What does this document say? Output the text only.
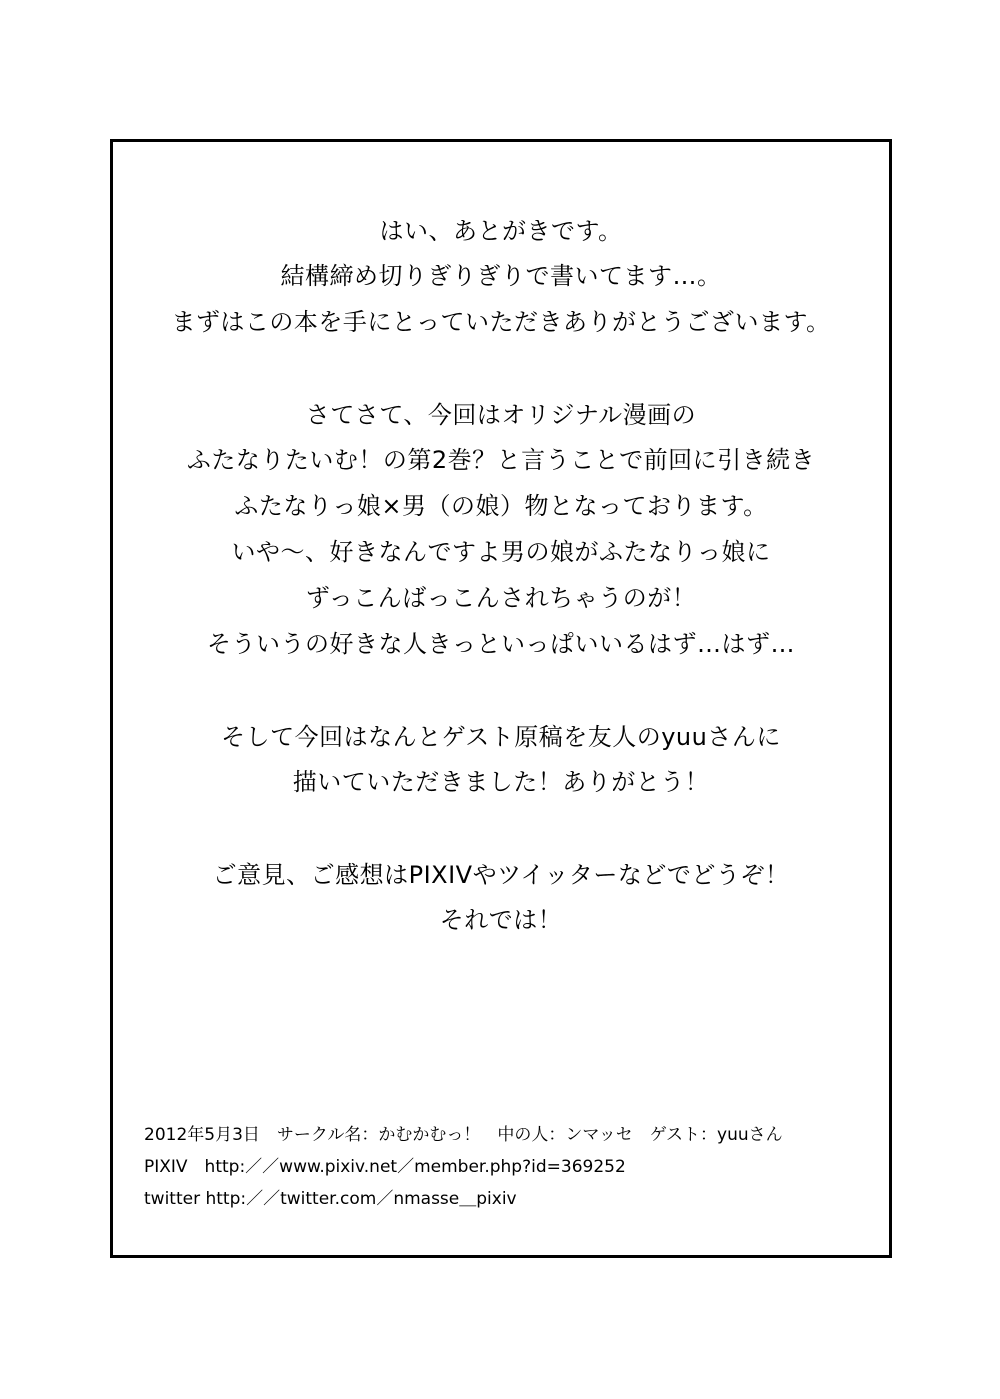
はい、あとがきです。
結構締め切りぎりぎりで書いてます…。
まずはこの本を手にとっていただきありがとうございます。
さてさて、今回はオリジナル漫画の
ふたなりたいむ！の第2巻？と言うことで前回に引き続き
ふたなりっ娘×男（の娘）物となっております。
いや～、好きなんですよ男の娘がふたなりっ娘に
ずっこんばっこんされちゃうのが！
そういうの好きな人きっといっぱいいるはず…はず…
そして今回はなんとゲスト原稿を友人のyuuさんに
描いていただきました！ありがとう！
ご意見、ご感想はPIXIVやツイッターなどでどうぞ！
それでは！
2012年5月3日　サークル名：かむかむっ！　中の人：ンマッセ　ゲスト：yuuさん
PIXIV　http:／／www.pixiv.net／member.php?id=369252
twitter http:／／twitter.com／nmasse＿pixiv
